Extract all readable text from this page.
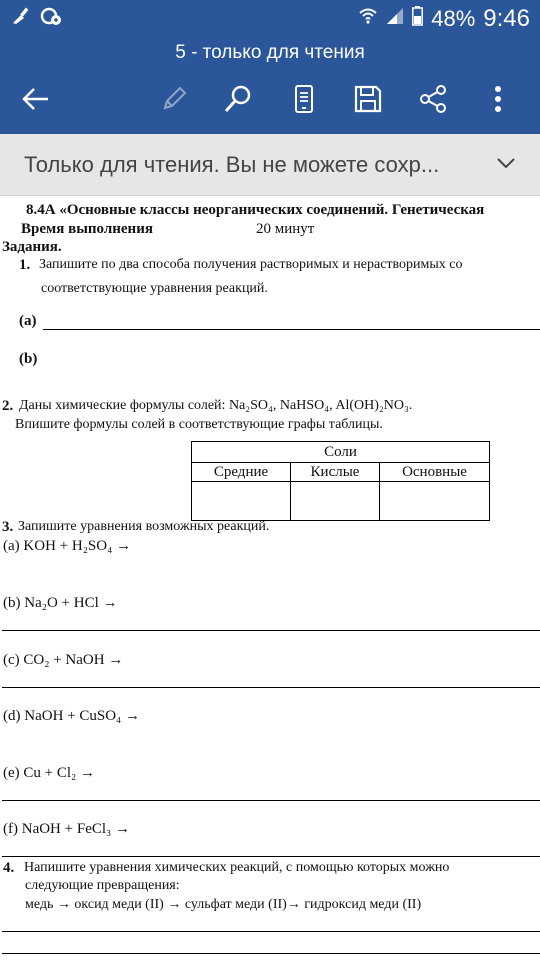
48% 9:46
5 - только для чтения
Только для чтения. Вы не можете сохр...
8.4А «Основные классы неорганических соединений. Генетическая
Время выполнения	20 минут
Задания.
1. Запишите по два способа получения растворимых и нерастворимых со
соответствующие уравнения реакций.
(a)
(b)
2. Даны химические формулы солей: Na₂SO₄, NaHSO₄, Al(OH)₂NO₃.
Впишите формулы солей в соответствующие графы таблицы.
Соли		
Средние	Кислые	Основные

3. Запишите уравнения возможных реакций.
(a) KOH + H₂SO₄ →
(b) Na₂O + HCl →
(c) CO₂ + NaOH →
(d) NaOH + CuSO₄ →
(e) Cu + Cl₂ →
(f) NaOH + FeCl₃ →
4. Напишите уравнения химических реакций, с помощью которых можно
следующие превращения:
медь → оксид меди (II) → сульфат меди (II)→ гидроксид меди (II)
